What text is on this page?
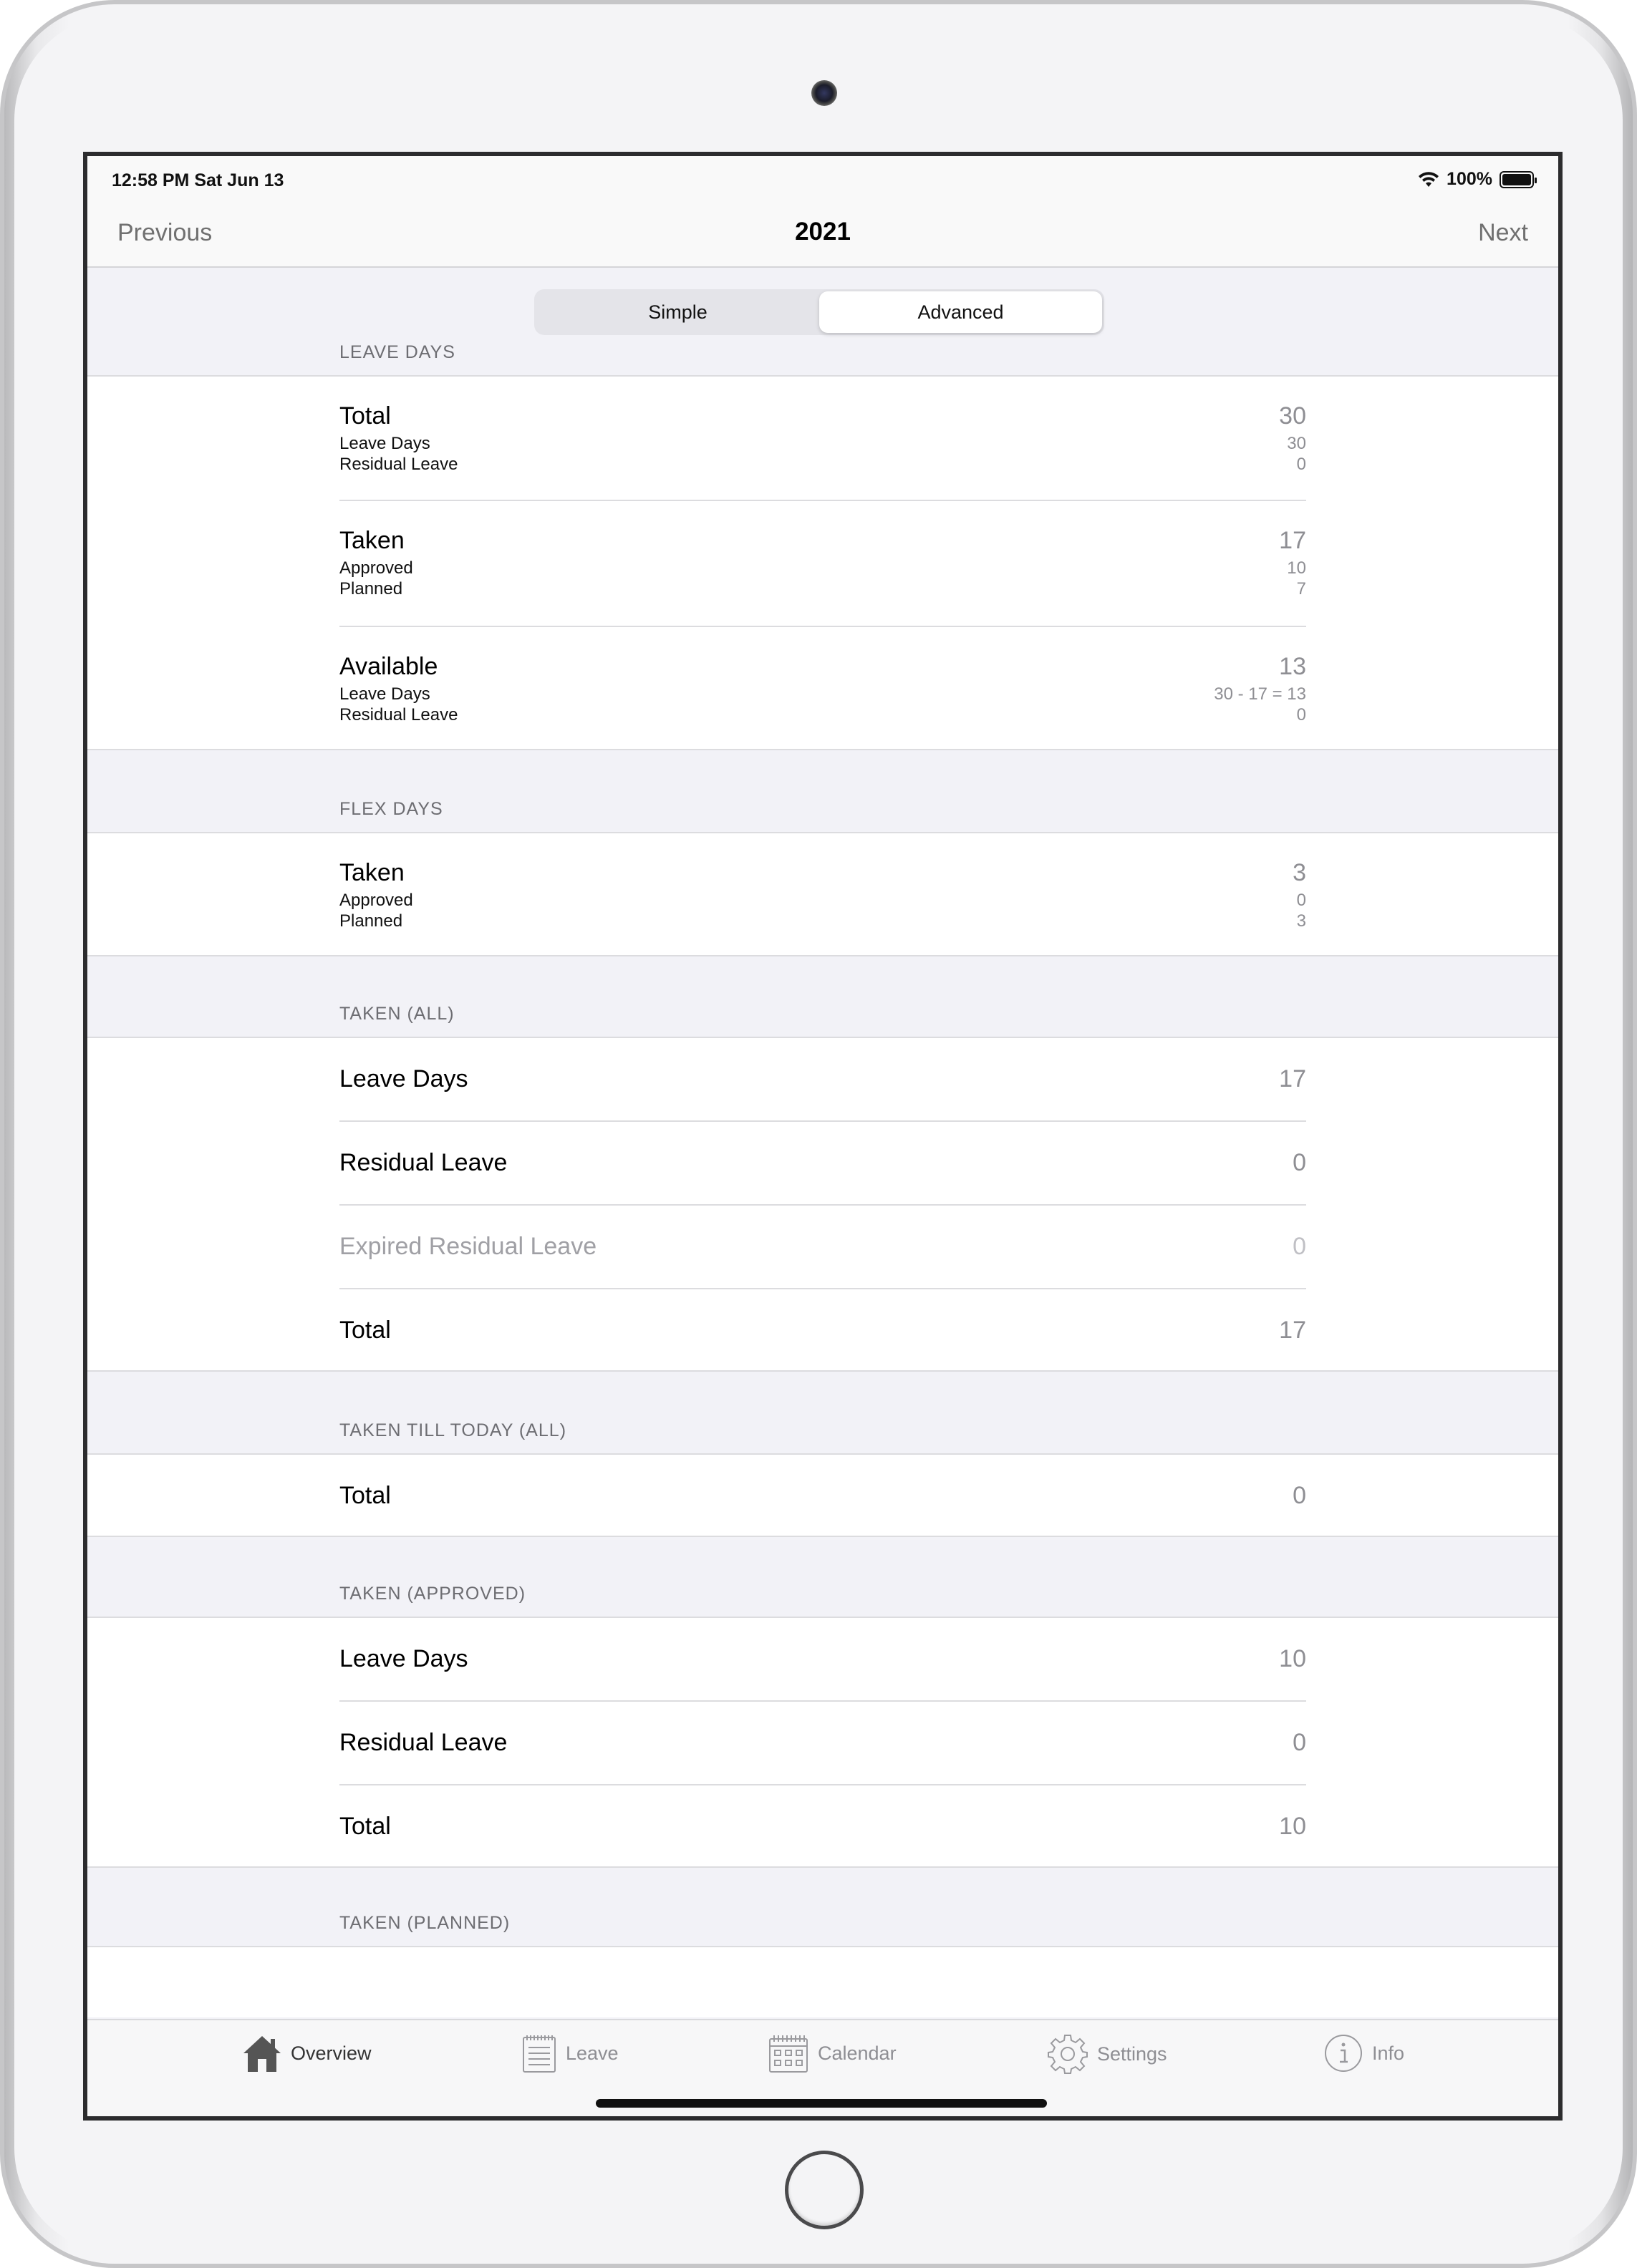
12:58 PM Sat Jun 13	100%
Previous	2021	Next
Simple	Advanced
LEAVE DAYS
Total	30
Leave Days	30
Residual Leave	0
Taken	17
Approved	10
Planned	7
Available	13
Leave Days	30 - 17 = 13
Residual Leave	0
FLEX DAYS
Taken	3
Approved	0
Planned	3
TAKEN (ALL)
Leave Days	17
Residual Leave	0
Expired Residual Leave	0
Total	17
TAKEN TILL TODAY (ALL)
Total	0
TAKEN (APPROVED)
Leave Days	10
Residual Leave	0
Total	10
TAKEN (PLANNED)
Overview	Leave	Calendar	Settings	Info
